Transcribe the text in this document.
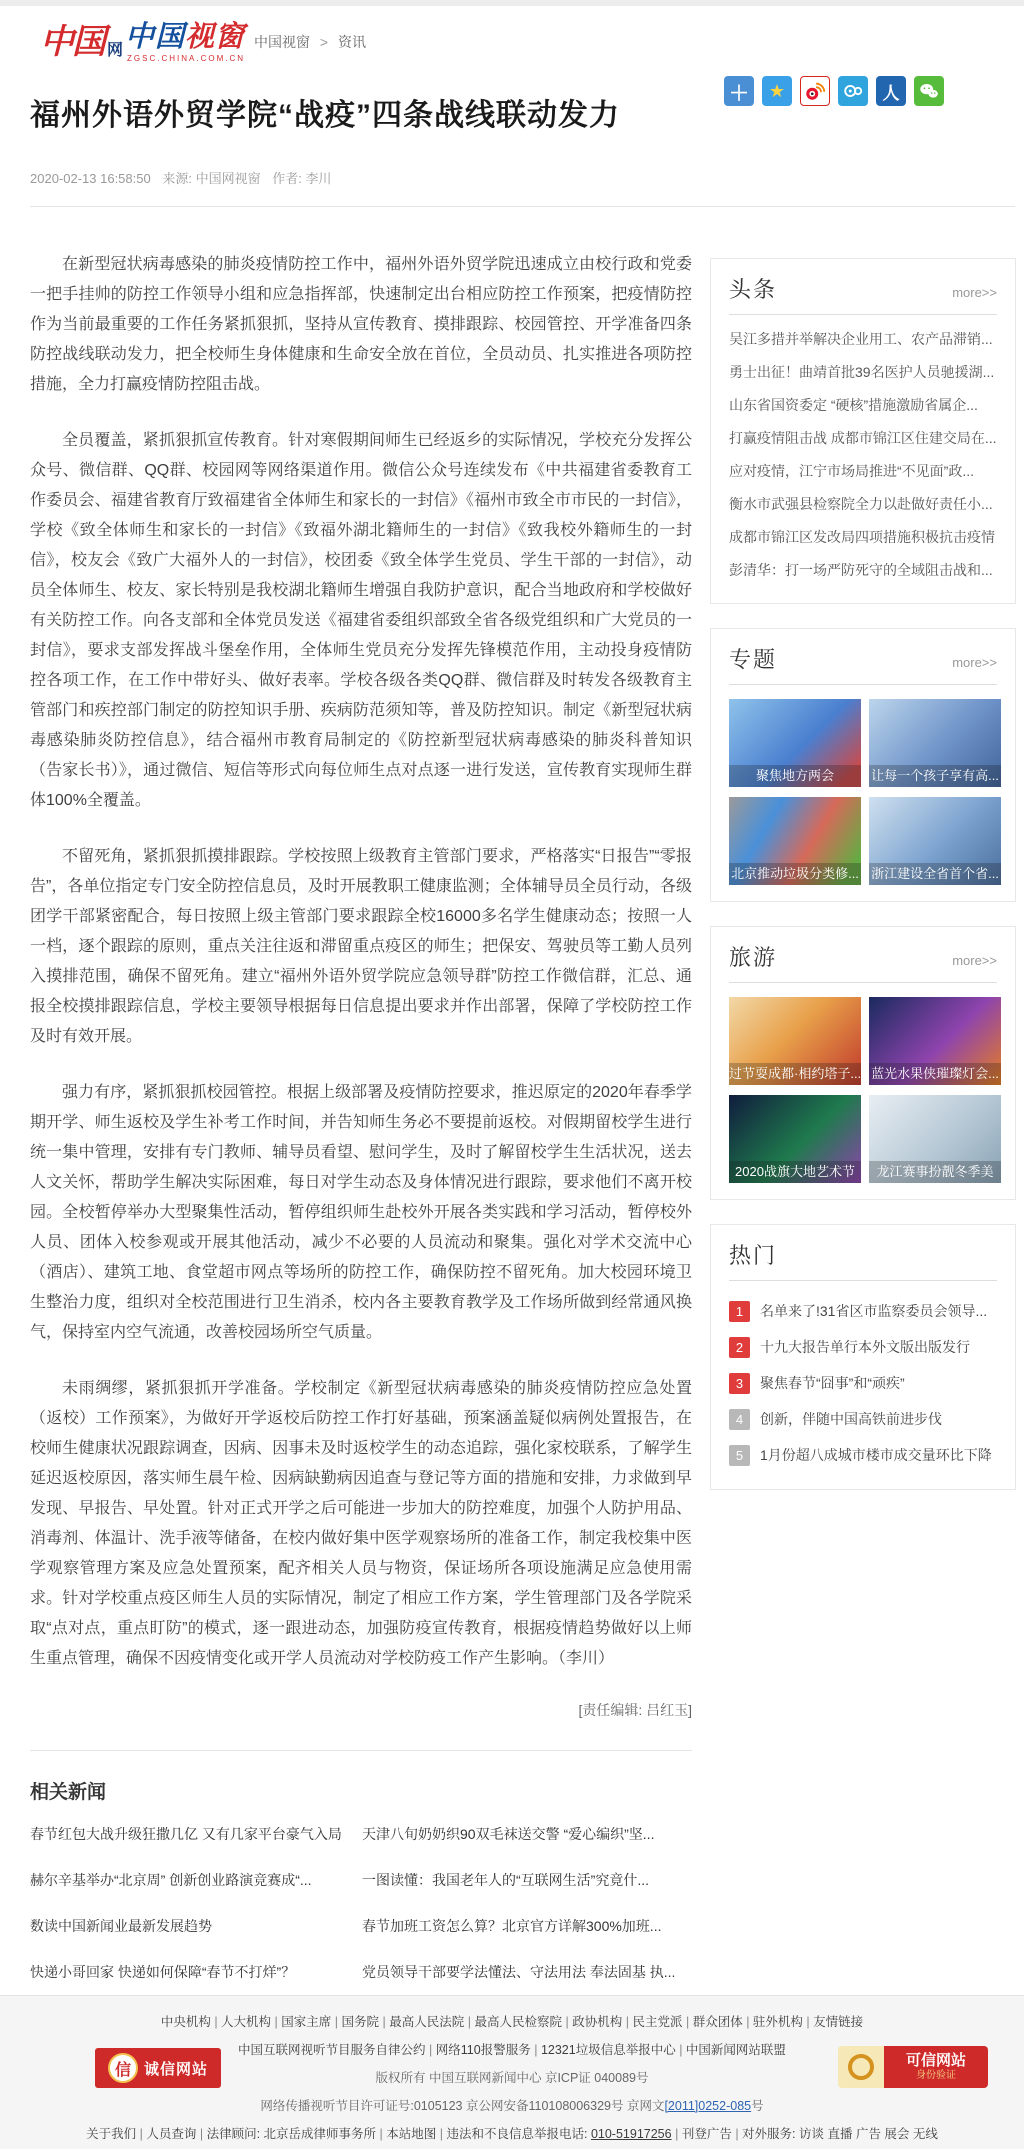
中国 网 中国视窗
ZGSC.CHINA.COM.CN
中国视窗 > 资讯
福州外语外贸学院“战疫”四条战线联动发力
2020-02-13 16:58:50 来源: 中国网视窗 作者: 李川

在新型冠状病毒感染的肺炎疫情防控工作中，福州外语外贸学院迅速成立由校行政和党委一把手挂帅的防控工作领导小组和应急指挥部，快速制定出台相应防控工作预案，把疫情防控作为当前最重要的工作任务紧抓狠抓，坚持从宣传教育、摸排跟踪、校园管控、开学准备四条防控战线联动发力，把全校师生身体健康和生命安全放在首位，全员动员、扎实推进各项防控措施，全力打赢疫情防控阻击战。

全员覆盖，紧抓狠抓宣传教育。针对寒假期间师生已经返乡的实际情况，学校充分发挥公众号、微信群、QQ群、校园网等网络渠道作用。微信公众号连续发布《中共福建省委教育工作委员会、福建省教育厅致福建省全体师生和家长的一封信》《福州市致全市市民的一封信》，学校《致全体师生和家长的一封信》《致福外湖北籍师生的一封信》《致我校外籍师生的一封信》，校友会《致广大福外人的一封信》，校团委《致全体学生党员、学生干部的一封信》，动员全体师生、校友、家长特别是我校湖北籍师生增强自我防护意识，配合当地政府和学校做好有关防控工作。向各支部和全体党员发送《福建省委组织部致全省各级党组织和广大党员的一封信》，要求支部发挥战斗堡垒作用，全体师生党员充分发挥先锋模范作用，主动投身疫情防控各项工作，在工作中带好头、做好表率。学校各级各类QQ群、微信群及时转发各级教育主管部门和疾控部门制定的防控知识手册、疾病防范须知等，普及防控知识。制定《新型冠状病毒感染肺炎防控信息》，结合福州市教育局制定的《防控新型冠状病毒感染的肺炎科普知识（告家长书）》，通过微信、短信等形式向每位师生点对点逐一进行发送，宣传教育实现师生群体100%全覆盖。

不留死角，紧抓狠抓摸排跟踪。学校按照上级教育主管部门要求，严格落实“日报告”“零报告”，各单位指定专门安全防控信息员，及时开展教职工健康监测；全体辅导员全员行动，各级团学干部紧密配合，每日按照上级主管部门要求跟踪全校16000多名学生健康动态；按照一人一档，逐个跟踪的原则，重点关注往返和滞留重点疫区的师生；把保安、驾驶员等工勤人员列入摸排范围，确保不留死角。建立“福州外语外贸学院应急领导群”防控工作微信群，汇总、通报全校摸排跟踪信息，学校主要领导根据每日信息提出要求并作出部署，保障了学校防控工作及时有效开展。

强力有序，紧抓狠抓校园管控。根据上级部署及疫情防控要求，推迟原定的2020年春季学期开学、师生返校及学生补考工作时间，并告知师生务必不要提前返校。对假期留校学生进行统一集中管理，安排有专门教师、辅导员看望、慰问学生，及时了解留校学生生活状况，送去人文关怀，帮助学生解决实际困难，每日对学生动态及身体情况进行跟踪，要求他们不离开校园。全校暂停举办大型聚集性活动，暂停组织师生赴校外开展各类实践和学习活动，暂停校外人员、团体入校参观或开展其他活动，减少不必要的人员流动和聚集。强化对学术交流中心（酒店）、建筑工地、食堂超市网点等场所的防控工作，确保防控不留死角。加大校园环境卫生整治力度，组织对全校范围进行卫生消杀，校内各主要教育教学及工作场所做到经常通风换气，保持室内空气流通，改善校园场所空气质量。

未雨绸缪，紧抓狠抓开学准备。学校制定《新型冠状病毒感染的肺炎疫情防控应急处置（返校）工作预案》，为做好开学返校后防控工作打好基础，预案涵盖疑似病例处置报告，在校师生健康状况跟踪调查，因病、因事未及时返校学生的动态追踪，强化家校联系，了解学生延迟返校原因，落实师生晨午检、因病缺勤病因追查与登记等方面的措施和安排，力求做到早发现、早报告、早处置。针对正式开学之后可能进一步加大的防控难度，加强个人防护用品、消毒剂、体温计、洗手液等储备，在校内做好集中医学观察场所的准备工作，制定我校集中医学观察管理方案及应急处置预案，配齐相关人员与物资，保证场所各项设施满足应急使用需求。针对学校重点疫区师生人员的实际情况，制定了相应工作方案，学生管理部门及各学院采取“点对点，重点盯防”的模式，逐一跟进动态，加强防疫宣传教育，根据疫情趋势做好以上师生重点管理，确保不因疫情变化或开学人员流动对学校防疫工作产生影响。（李川）

[责任编辑: 吕红玉]
相关新闻
春节红包大战升级狂撒几亿 又有几家平台豪气入局	天津八旬奶奶织90双毛袜送交警 “爱心编织”坚...
赫尔辛基举办“北京周” 创新创业路演竞赛成“...	一图读懂：我国老年人的“互联网生活”究竟什...
数读中国新闻业最新发展趋势	春节加班工资怎么算？北京官方详解300%加班...
快递小哥回家 快递如何保障“春节不打烊”？	党员领导干部要学法懂法、守法用法 奉法固基 执...
＋	★	人
头条	more>>
吴江多措并举解决企业用工、农产品滞销...
勇士出征！曲靖首批39名医护人员驰援湖...
山东省国资委定 “硬核”措施激励省属企...
打赢疫情阻击战 成都市锦江区住建交局在...
应对疫情，江宁市场局推进“不见面”政...
衡水市武强县检察院全力以赴做好责任小...
成都市锦江区发改局四项措施积极抗击疫情
彭清华：打一场严防死守的全域阻击战和...
专题	more>>
聚焦地方两会	让每一个孩子享有高...
北京推动垃圾分类修... 浙江建设全省首个省...
旅游	more>>
过节耍成都·相约塔子... 蓝光水果侠璀璨灯会...
2020战旗大地艺术节	龙江赛事扮靓冬季美
热门
1	名单来了!31省区市监察委员会领导...
2	十九大报告单行本外文版出版发行
3	聚焦春节“囧事”和“顽疾”
4	创新，伴随中国高铁前进步伐
5	1月份超八成城市楼市成交量环比下降
中央机构 | 人大机构 | 国家主席 | 国务院 | 最高人民法院 | 最高人民检察院 | 政协机构 | 民主党派 | 群众团体 | 驻外机构 | 友情链接
中国互联网视听节目服务自律公约 | 网络110报警服务 | 12321垃圾信息举报中心 | 中国新闻网站联盟
版权所有 中国互联网新闻中心 京ICP证 040089号
网络传播视听节目许可证号:0105123 京公网安备110108006329号 京网文[2011]0252-085号
关于我们 | 人员查询 | 法律顾问: 北京岳成律师事务所 | 本站地图 | 违法和不良信息举报电话: 010-51917256 | 刊登广告 | 对外服务: 访谈 直播 广告 展会 无线
信 诚信网站	可信网站
身份验证
